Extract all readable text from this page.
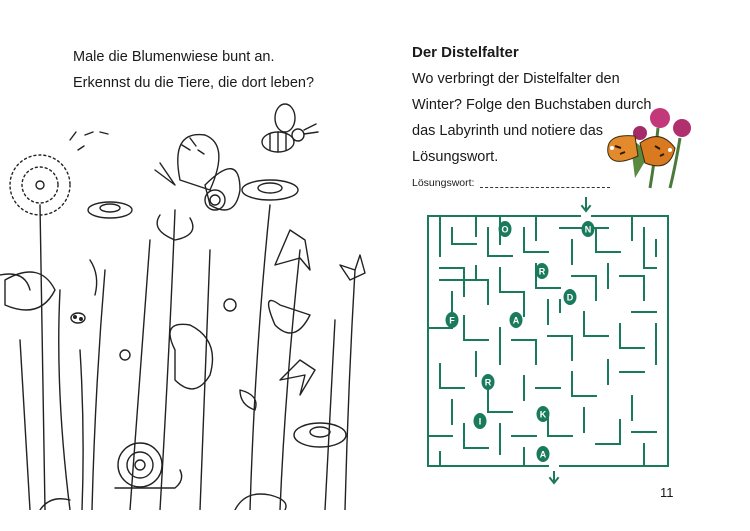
Male die Blumenwiese bunt an.
Erkennst du die Tiere, die dort leben?
Der Distelfalter
Wo verbringt der Distelfalter den
Winter? Folge den Buchstaben durch
das Labyrinth und notiere das
Lösungswort.
Lösungswort:
O	N
R
D
F	A
R
K
I
A
11
